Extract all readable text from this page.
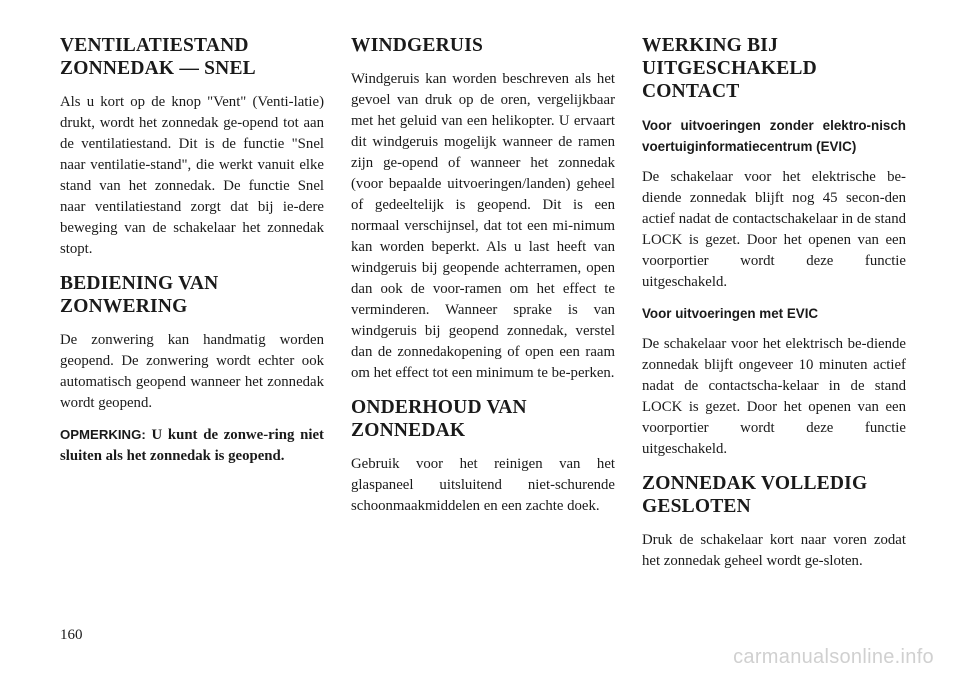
VENTILATIESTAND ZONNEDAK — SNEL

Als u kort op de knop "Vent" (Venti-latie) drukt, wordt het zonnedak ge-opend tot aan de ventilatiestand. Dit is de functie "Snel naar ventilatie-stand", die werkt vanuit elke stand van het zonnedak. De functie Snel naar ventilatiestand zorgt dat bij ie-dere beweging van de schakelaar het zonnedak stopt.

BEDIENING VAN ZONWERING

De zonwering kan handmatig worden geopend. De zonwering wordt echter ook automatisch geopend wanneer het zonnedak wordt geopend.

OPMERKING: U kunt de zonwe-ring niet sluiten als het zonnedak is geopend.

WINDGERUIS

Windgeruis kan worden beschreven als het gevoel van druk op de oren, vergelijkbaar met het geluid van een helikopter. U ervaart dit windgeruis mogelijk wanneer de ramen zijn ge-opend of wanneer het zonnedak (voor bepaalde uitvoeringen/landen) geheel of gedeeltelijk is geopend. Dit is een normaal verschijnsel, dat tot een mi-nimum kan worden beperkt. Als u last heeft van windgeruis bij geopende achterramen, open dan ook de voor-ramen om het effect te verminderen. Wanneer sprake is van windgeruis bij geopend zonnedak, verstel dan de zonnedakopening of open een raam om het effect tot een minimum te be-perken.

ONDERHOUD VAN ZONNEDAK

Gebruik voor het reinigen van het glaspaneel uitsluitend niet-schurende schoonmaakmiddelen en een zachte doek.

WERKING BIJ UITGESCHAKELD CONTACT

Voor uitvoeringen zonder elektro-nisch voertuiginformatiecentrum (EVIC)

De schakelaar voor het elektrische be-diende zonnedak blijft nog 45 secon-den actief nadat de contactschakelaar in de stand LOCK is gezet. Door het openen van een voorportier wordt deze functie uitgeschakeld.

Voor uitvoeringen met EVIC

De schakelaar voor het elektrisch be-diende zonnedak blijft ongeveer 10 minuten actief nadat de contactscha-kelaar in de stand LOCK is gezet. Door het openen van een voorportier wordt deze functie uitgeschakeld.

ZONNEDAK VOLLEDIG GESLOTEN

Druk de schakelaar kort naar voren zodat het zonnedak geheel wordt ge-sloten.

160

carmanualsonline.info
